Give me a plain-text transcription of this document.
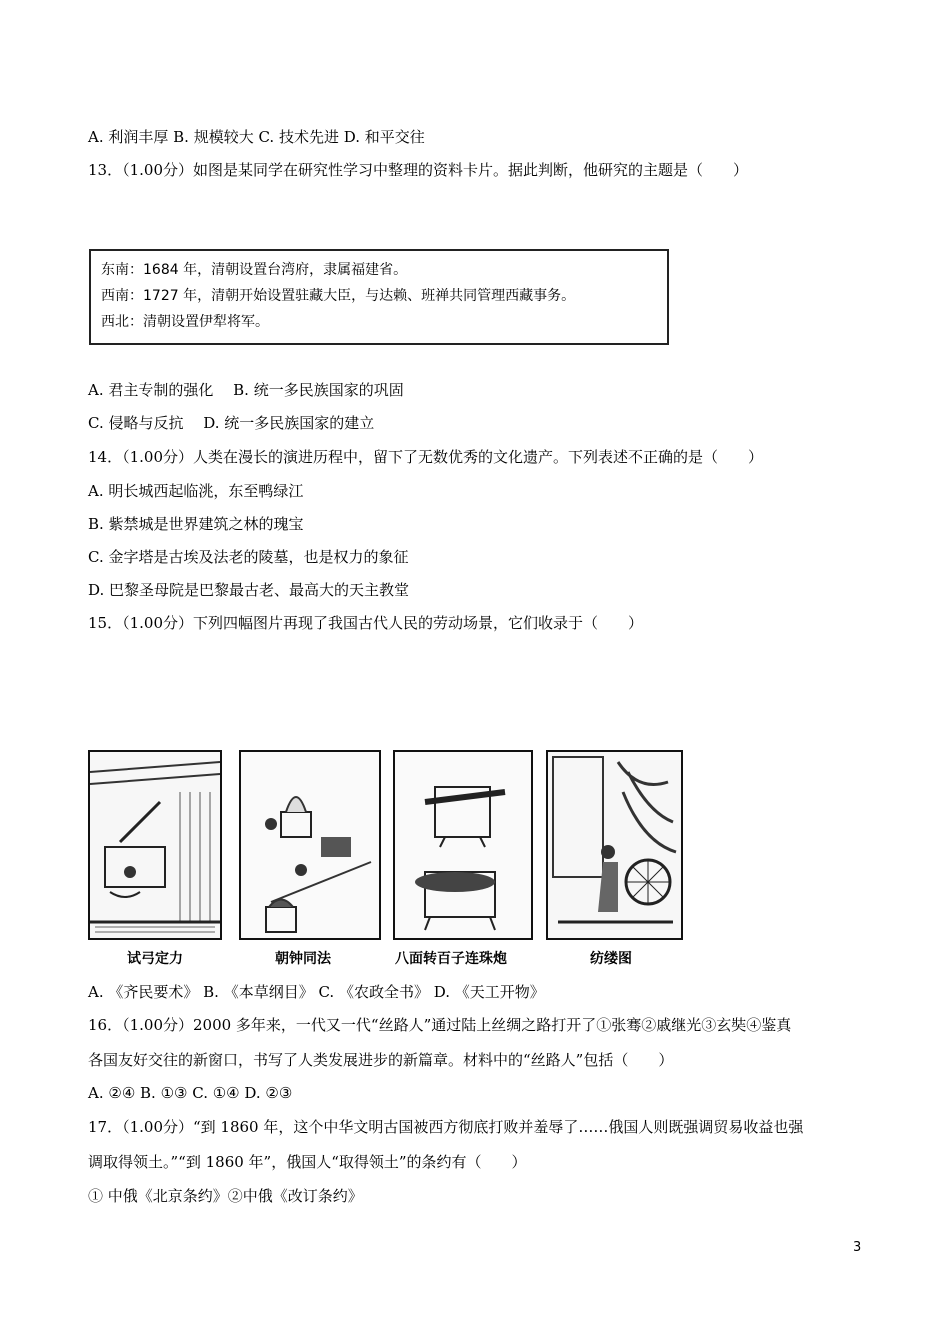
A. 利润丰厚 B. 规模较大 C. 技术先进 D. 和平交往
13．（1.00分）如图是某同学在研究性学习中整理的资料卡片。据此判断，他研究的主题是（　　）
东南：1684 年，清朝设置台湾府，隶属福建省。
西南：1727 年，清朝开始设置驻藏大臣，与达赖、班禅共同管理西藏事务。
西北：清朝设置伊犁将军。
A. 君主专制的强化　 B. 统一多民族国家的巩固
C. 侵略与反抗　 D. 统一多民族国家的建立
14．（1.00分）人类在漫长的演进历程中，留下了无数优秀的文化遗产。下列表述不正确的是（　　）
A. 明长城西起临洮，东至鸭绿江
B. 紫禁城是世界建筑之林的瑰宝
C. 金字塔是古埃及法老的陵墓，也是权力的象征
D. 巴黎圣母院是巴黎最古老、最高大的天主教堂
15．（1.00分）下列四幅图片再现了我国古代人民的劳动场景，它们收录于（　　）
试弓定力	朝钟同法	八面转百子连珠炮	纺缕图
A. 《齐民要术》 B. 《本草纲目》 C. 《农政全书》 D. 《天工开物》
16．（1.00分）2000 多年来，一代又一代“丝路人”通过陆上丝绸之路打开了①张骞②戚继光③玄奘④鉴真
各国友好交往的新窗口，书写了人类发展进步的新篇章。材料中的“丝路人”包括（　　）
A. ②④ B. ①③ C. ①④ D. ②③
17．（1.00分）“到 1860 年，这个中华文明古国被西方彻底打败并羞辱了……俄国人则既强调贸易收益也强
调取得领土。”“到 1860 年”，俄国人“取得领土”的条约有（　　）
① 中俄《北京条约》②中俄《改订条约》
3
